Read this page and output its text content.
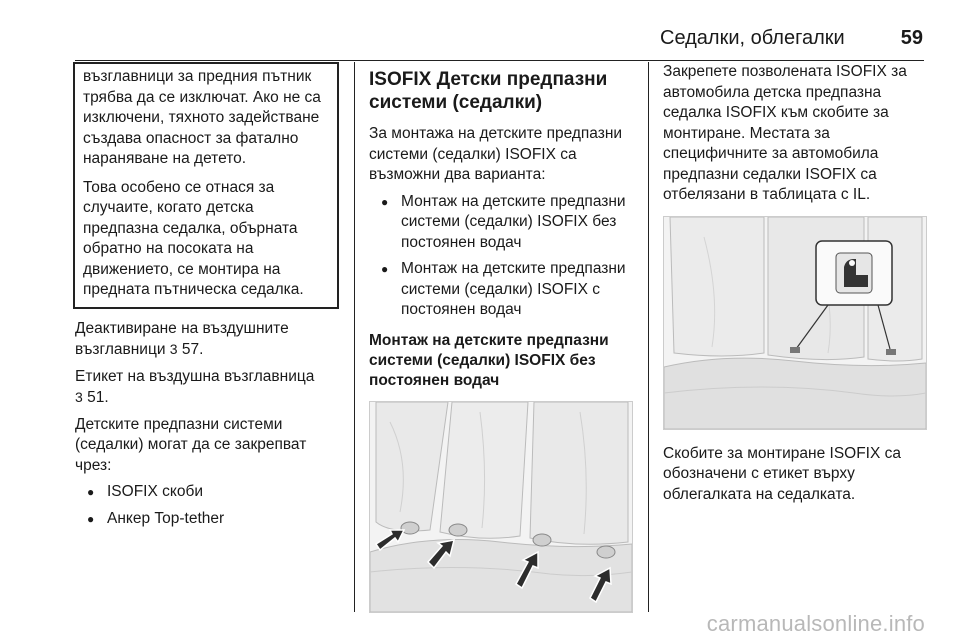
Седалки, облегалки	59

възглавници за предния пътник трябва да се изключат. Ако не са изключени, тяхното задействане създава опасност за фатално нараняване на детето.

Това особено се отнася за случаите, когато детска предпазна седалка, обърната обратно на посоката на движението, се монтира на предната пътническа седалка.

Деактивиране на въздушните възглавници 3 57.

Етикет на въздушна възглавница
3 51.

Детските предпазни системи (седалки) могат да се закрепват чрез:

● ISOFIX скоби
● Анкер Top-tether
ISOFIX Детски предпазни системи (седалки)

За монтажа на детските предпазни системи (седалки) ISOFIX са възможни два варианта:

● Монтаж на детските предпазни системи (седалки) ISOFIX без постоянен водач
● Монтаж на детските предпазни системи (седалки) ISOFIX с постоянен водач
Монтаж на детските предпазни системи (седалки) ISOFIX без постоянен водач

Закрепете позволената ISOFIX за автомобила детска предпазна седалка ISOFIX към скобите за монтиране. Местата за специфичните за автомобила предпазни седалки ISOFIX са отбелязани в таблицата с IL.

Скобите за монтиране ISOFIX са обозначени с етикет върху облегалката на седалката.

carmanualsonline.info
